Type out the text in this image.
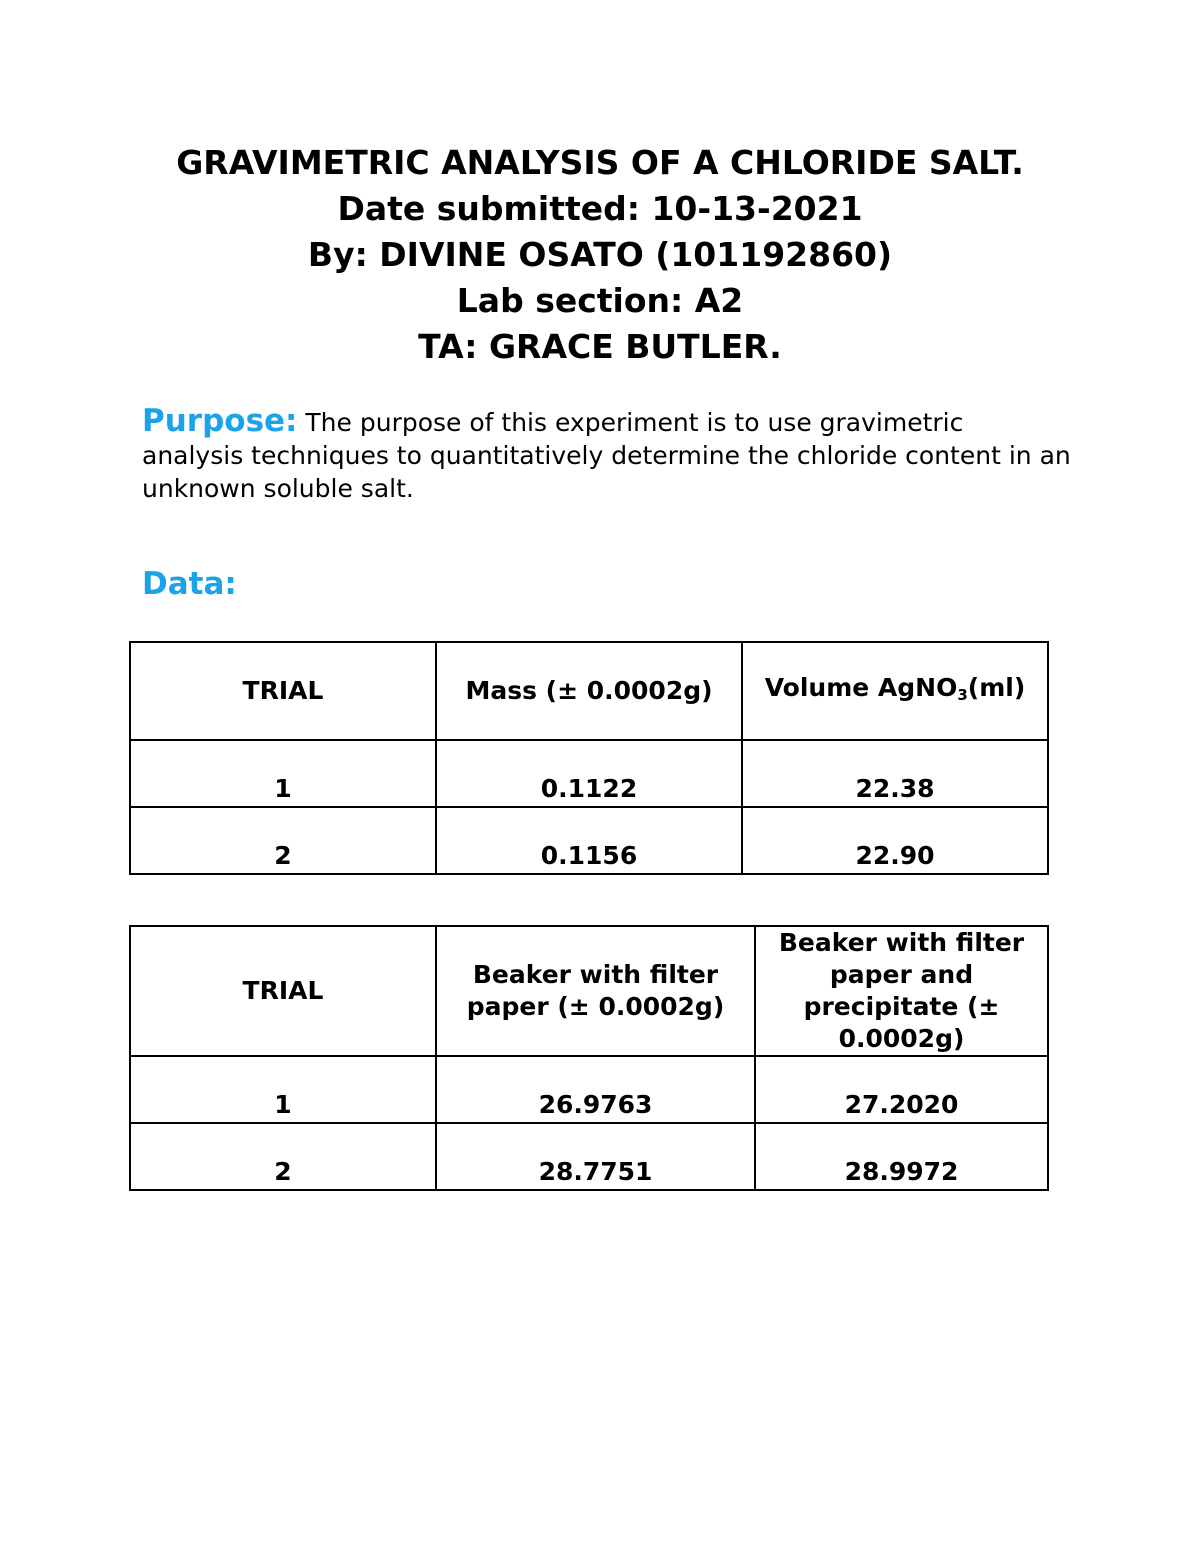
GRAVIMETRIC ANALYSIS OF A CHLORIDE SALT.
Date submitted: 10-13-2021
By: DIVINE OSATO (101192860)
Lab section: A2
TA: GRACE BUTLER.
Purpose: The purpose of this experiment is to use gravimetric analysis techniques to quantitatively determine the chloride content in an unknown soluble salt.
Data:
TRIAL	Mass (± 0.0002g)	Volume AgNO$_3$(ml)
1	0.1122	22.38
2	0.1156	22.90
TRIAL	Beaker with filter paper (± 0.0002g)	Beaker with filter paper and precipitate (± 0.0002g)
1	26.9763	27.2020
2	28.7751	28.9972
